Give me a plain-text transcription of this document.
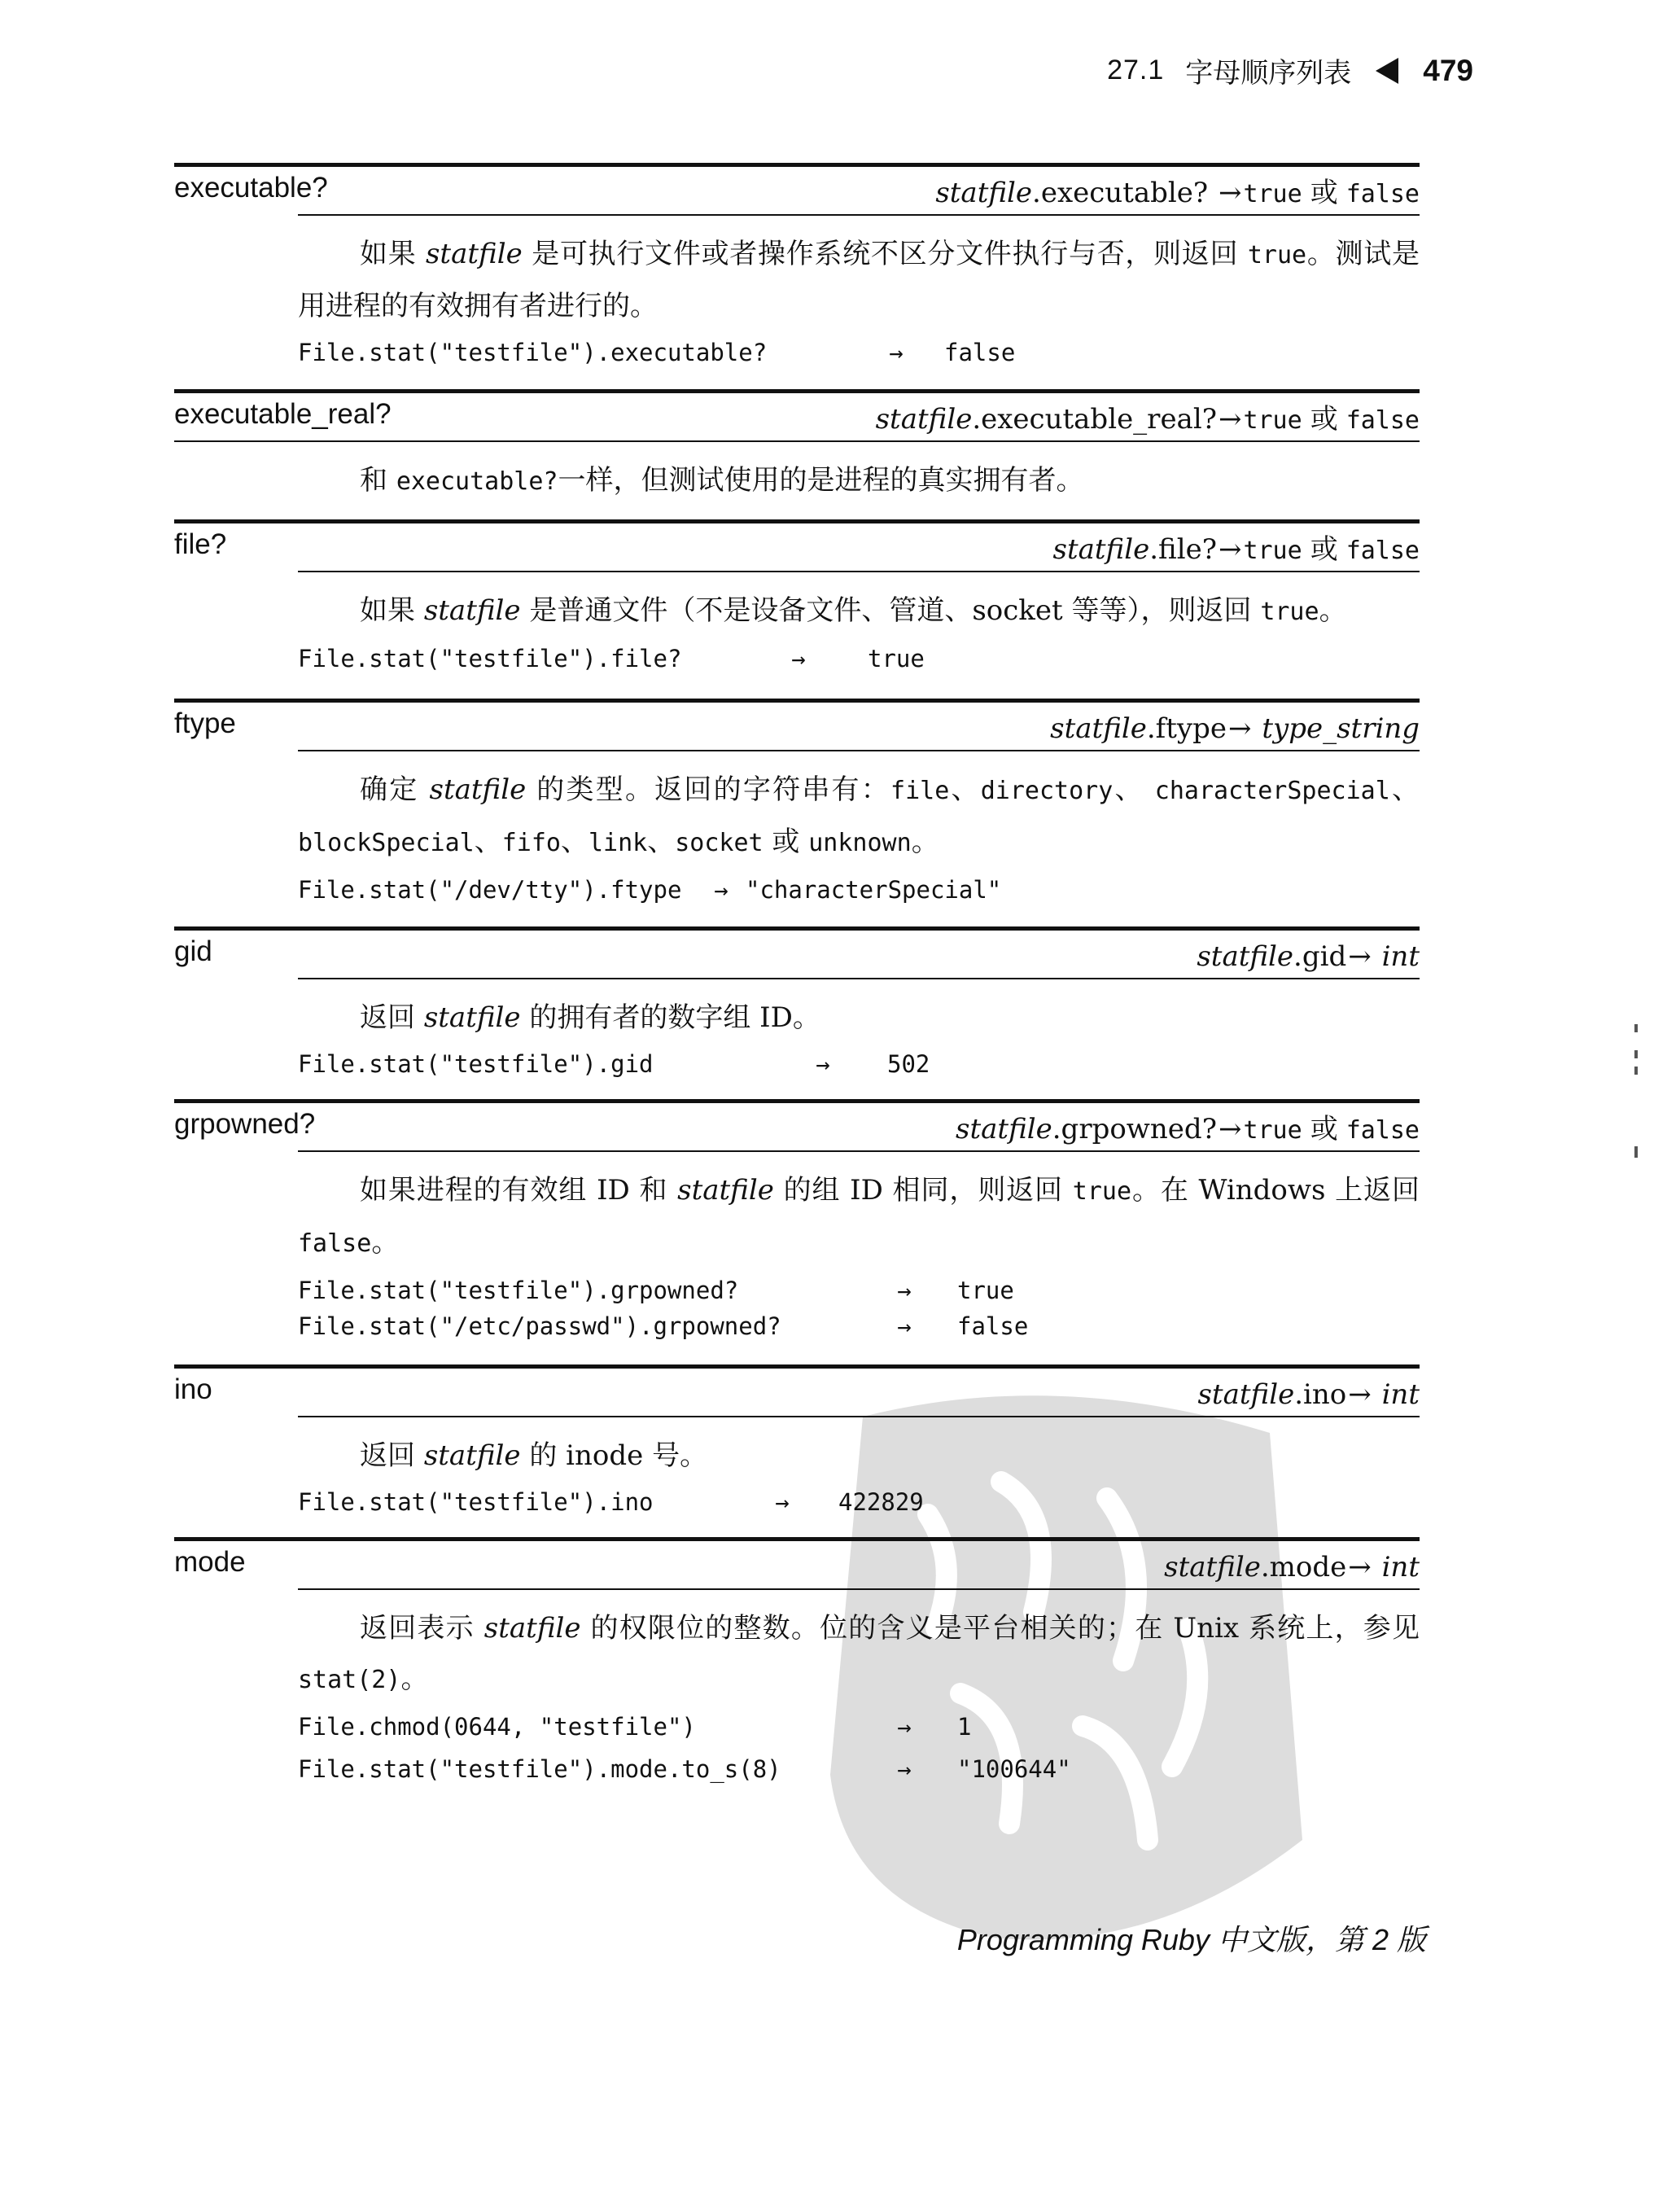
27.1 字母顺序列表 479
executable?	statfile.executable? →true 或 false

如果 statfile 是可执行文件或者操作系统不区分文件执行与否，则返回 true。测试是用进程的有效拥有者进行的。

File.stat("testfile").executable?	→	false
executable_real?	statfile.executable_real?→true 或 false

和 executable?一样，但测试使用的是进程的真实拥有者。

file?	statfile.file?→true 或 false

如果 statfile 是普通文件（不是设备文件、管道、socket 等等），则返回 true。

File.stat("testfile").file?	→	true
ftype	statfile.ftype→ type_string

确定 statfile 的类型。返回的字符串有：file、directory、 characterSpecial、blockSpecial、fifo、link、socket 或 unknown。

File.stat("/dev/tty").ftype	→ "characterSpecial"
gid	statfile.gid→ int

返回 statfile 的拥有者的数字组 ID。

File.stat("testfile").gid	→	502
grpowned?	statfile.grpowned?→true 或 false

如果进程的有效组 ID 和 statfile 的组 ID 相同，则返回 true。在 Windows 上返回 false。

File.stat("testfile").grpowned?	→	true
File.stat("/etc/passwd").grpowned?	→	false
ino	statfile.ino→ int

返回 statfile 的 inode 号。

File.stat("testfile").ino	→	422829
mode	statfile.mode→ int

返回表示 statfile 的权限位的整数。位的含义是平台相关的；在 Unix 系统上，参见 stat(2)。

File.chmod(0644, "testfile")	→	1
File.stat("testfile").mode.to_s(8)	→	"100644"
Programming Ruby 中文版，第 2 版
